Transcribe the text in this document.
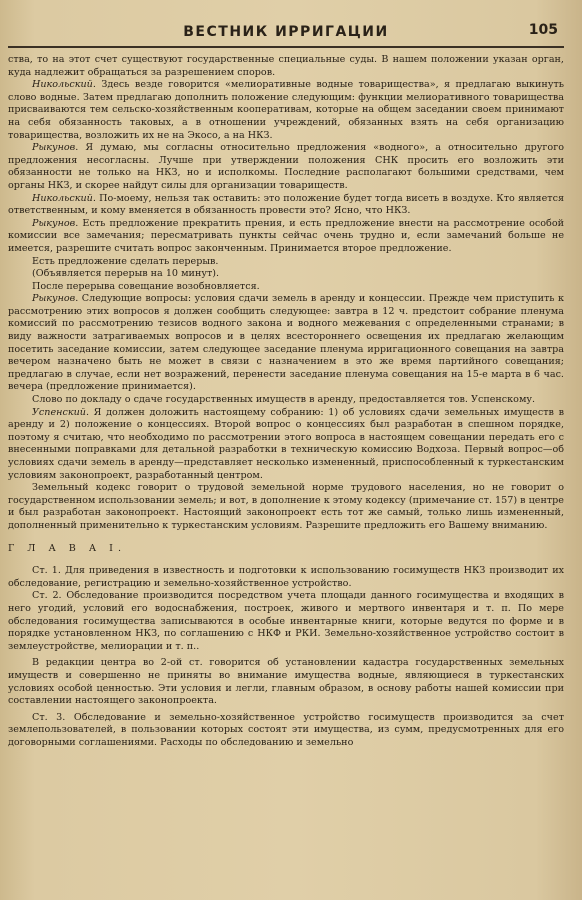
ВЕСТНИК ИРРИГАЦИИ	105

ства, то на этот счет существуют государственные специальные суды. В нашем положении указан орган, куда надлежит обращаться за разрешением споров.

Никольский. Здесь везде говорится «мелиоративные водные товарищества», я предлагаю выкинуть слово водные. Затем предлагаю дополнить положение следующим: функции мелиоративного товарищества присваиваются тем сельско-хозяйственным кооперативам, которые на общем заседании своем принимают на себя обязанность таковых, а в отношении учреждений, обязанных взять на себя организацию товарищества, возложить их не на Экосо, а на НКЗ.

Рыкунов. Я думаю, мы согласны относительно предложения «водного», а относительно другого предложения несогласны. Лучше при утверждении положения СНК просить его возложить эти обязанности не только на НКЗ, но и исполкомы. Последние располагают большими средствами, чем органы НКЗ, и скорее найдут силы для организации товариществ.

Никольский. По-моему, нельзя так оставить: это положение будет тогда висеть в воздухе. Кто является ответственным, и кому вменяется в обязанность провести это? Ясно, что НКЗ.

Рыкунов. Есть предложение прекратить прения, и есть предложение внести на рассмотрение особой комиссии все замечания; пересматривать пункты сейчас очень трудно и, если замечаний больше не имеется, разрешите считать вопрос законченным. Принимается второе предложение.

Есть предложение сделать перерыв.

(Объявляется перерыв на 10 минут).

После перерыва совещание возобновляется.

Рыкунов. Следующие вопросы: условия сдачи земель в аренду и концессии. Прежде чем приступить к рассмотрению этих вопросов я должен сообщить следующее: завтра в 12 ч. предстоит собрание пленума комиссий по рассмотрению тезисов водного закона и водного межевания с определенными странами; в виду важности затрагиваемых вопросов и в целях всестороннего освещения их предлагаю желающим посетить заседание комиссии, затем следующее заседание пленума ирригационного совещания на завтра вечером назначено быть не может в связи с назначением в это же время партийного совещания; предлагаю в случае, если нет возражений, перенести заседание пленума совещания на 15-е марта в 6 час. вечера (предложение принимается).

Слово по докладу о сдаче государственных имуществ в аренду, предоставляется тов. Успенскому.

Успенский. Я должен доложить настоящему собранию: 1) об условиях сдачи земельных имуществ в аренду и 2) положение о концессиях. Второй вопрос о концессиях был разработан в спешном порядке, поэтому я считаю, что необходимо по рассмотрении этого вопроса в настоящем совещании передать его с внесенными поправками для детальной разработки в техническую комиссию Водхоза. Первый вопрос—об условиях сдачи земель в аренду—представляет несколько измененный, приспособленный к туркестанским условиям законопроект, разработанный центром.

Земельный кодекс говорит о трудовой земельной норме трудового населения, но не говорит о государственном использовании земель; и вот, в дополнение к этому кодексу (примечание ст. 157) в центре и был разработан законопроект. Настоящий законопроект есть тот же самый, только лишь измененный, дополненный применительно к туркестанским условиям. Разрешите предложить его Вашему вниманию.

Г Л А В А I.

Ст. 1. Для приведения в известность и подготовки к использованию госимуществ НКЗ производит их обследование, регистрацию и земельно-хозяйственное устройство.

Ст. 2. Обследование производится посредством учета площади данного госимущества и входящих в него угодий, условий его водоснабжения, построек, живого и мертвого инвентаря и т. п. По мере обследования госимущества записываются в особые инвентарные книги, которые ведутся по форме и в порядке установленном НКЗ, по соглашению с НКФ и РКИ. Земельно-хозяйственное устройство состоит в землеустройстве, мелиорации и т. п..

В редакции центра во 2-ой ст. говорится об установлении кадастра государственных земельных имуществ и совершенно не приняты во внимание имущества водные, являющиеся в туркестанских условиях особой ценностью. Эти условия и легли, главным образом, в основу работы нашей комиссии при составлении настоящего законопроекта.

Ст. 3. Обследование и земельно-хозяйственное устройство госимуществ производится за счет землепользователей, в пользовании которых состоят эти имущества, из сумм, предусмотренных для его договорными соглашениями. Расходы по обследованию и земельно
